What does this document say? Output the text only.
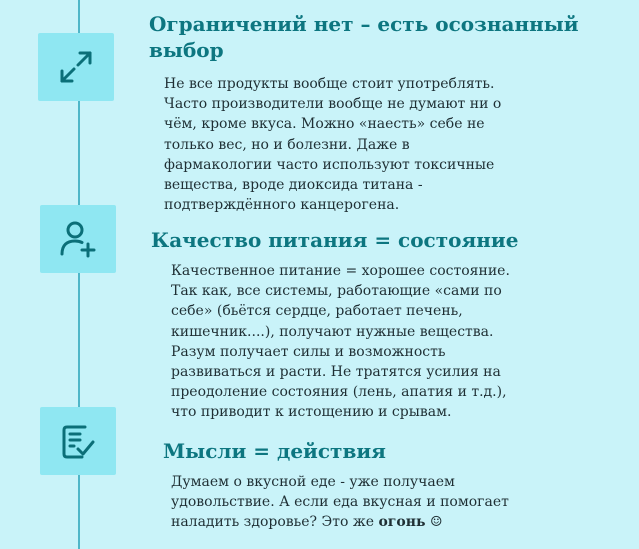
Ограничений нет – есть осознанный
выбор

Не все продукты вообще стоит употреблять.
Часто производители вообще не думают ни о
чём, кроме вкуса. Можно «наесть» себе не
только вес, но и болезни. Даже в
фармакологии часто используют токсичные
вещества, вроде диоксида титана -
подтверждённого канцерогена.

Качество питания = состояние

Качественное питание = хорошее состояние.
Так как, все системы, работающие «сами по
себе» (бьётся сердце, работает печень,
кишечник....), получают нужные вещества.
Разум получает силы и возможность
развиваться и расти. Не тратятся усилия на
преодоление состояния (лень, апатия и т.д.),
что приводит к истощению и срывам.

Мысли = действия

Думаем о вкусной еде - уже получаем
удовольствие. А если еда вкусная и помогает
наладить здоровье? Это же огонь ☺
